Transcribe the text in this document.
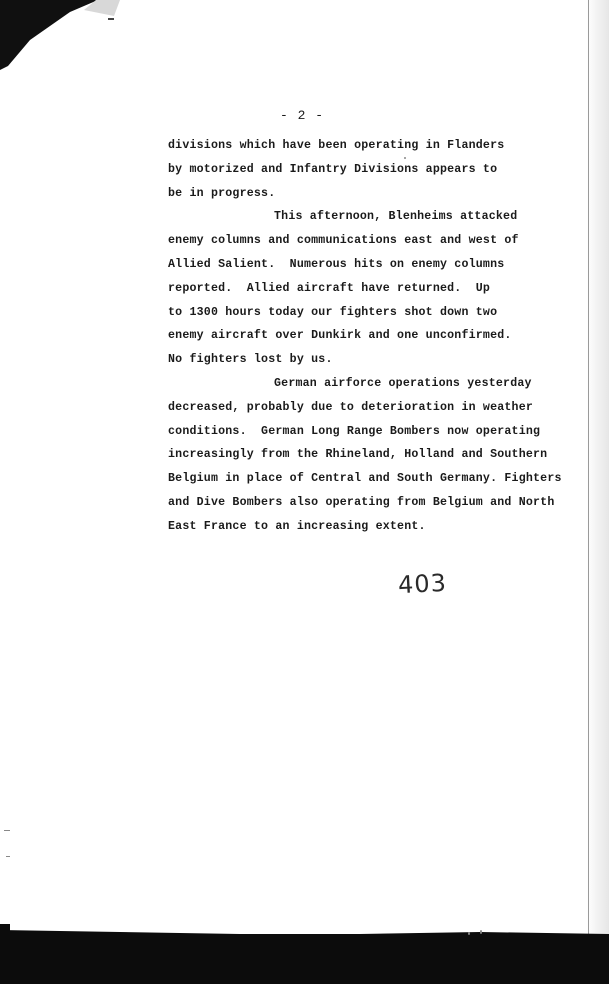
- 2 -
divisions which have been operating in Flanders
by motorized and Infantry Divisions appears to
be in progress.
This afternoon, Blenheims attacked
enemy columns and communications east and west of
Allied Salient.  Numerous hits on enemy columns
reported.  Allied aircraft have returned.  Up
to 1300 hours today our fighters shot down two
enemy aircraft over Dunkirk and one unconfirmed.
No fighters lost by us.
German airforce operations yesterday
decreased, probably due to deterioration in weather
conditions.  German Long Range Bombers now operating
increasingly from the Rhineland, Holland and Southern
Belgium in place of Central and South Germany. Fighters
and Dive Bombers also operating from Belgium and North
East France to an increasing extent.
403
